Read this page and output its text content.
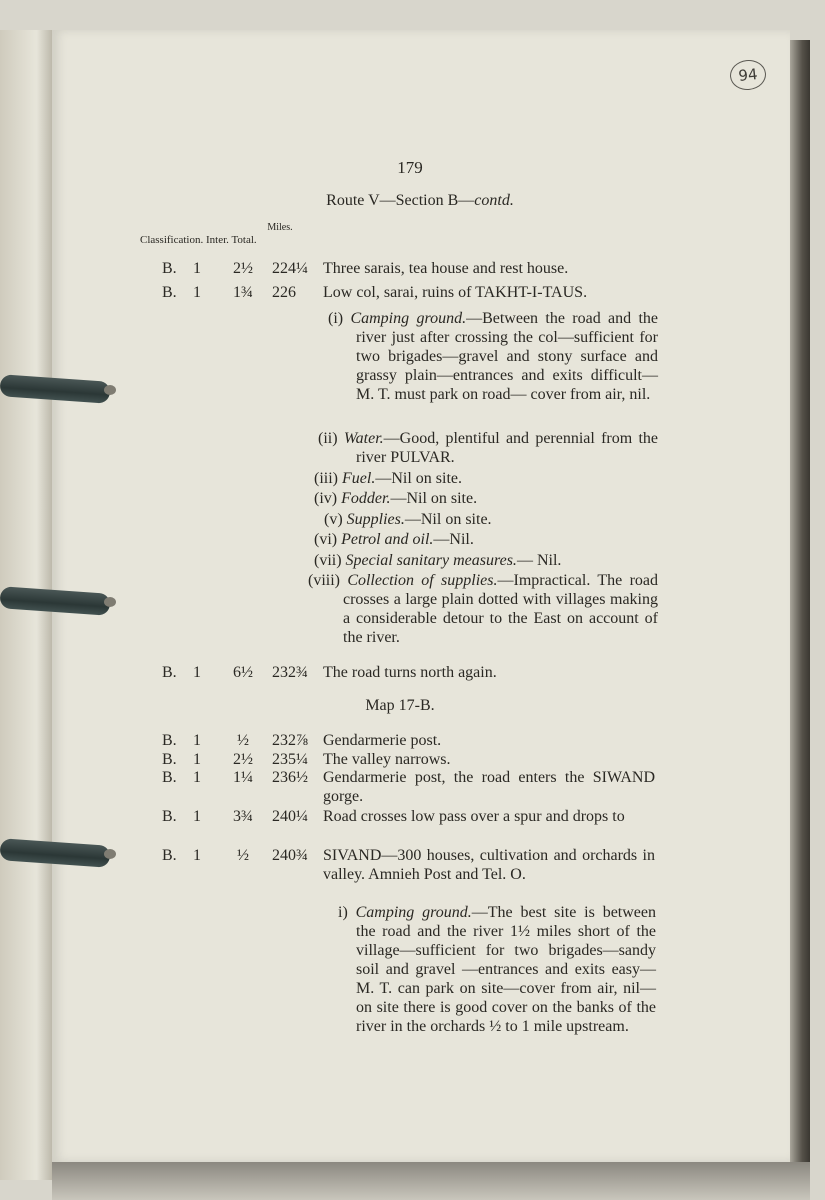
94
179
Route V—Section B—contd.
Miles.
Classification. Inter. Total.
B. 1 2½ 224¼ Three sarais, tea house and rest house.
B. 1 1¾ 226 Low col, sarai, ruins of TAKHT-I-TAUS.
(i) Camping ground.—Between the road and the river just after crossing the col—sufficient for two brigades—gravel and stony surface and grassy plain—entrances and exits difficult—M. T. must park on road— cover from air, nil.
(ii) Water.—Good, plentiful and perennial from the river PULVAR.
(iii) Fuel.—Nil on site.
(iv) Fodder.—Nil on site.
(v) Supplies.—Nil on site.
(vi) Petrol and oil.—Nil.
(vii) Special sanitary measures.— Nil.
(viii) Collection of supplies.—Impractical. The road crosses a large plain dotted with villages making a considerable detour to the East on account of the river.
B. 1 6½ 232¾ The road turns north again.
Map 17-B.
B. 1	½	232⅞ Gendarmerie post.
B. 1 2½ 235¼ The valley narrows.
B. 1 1¼ 236½ Gendarmerie post, the road enters the SIWAND gorge.
B. 1 3¾ 240¼ Road crosses low pass over a spur and drops to
B. 1	½	240¾ SIVAND—300 houses, cultivation and orchards in valley. Amnieh Post and Tel. O.
i) Camping ground.—The best site is between the road and the river 1½ miles short of the village—sufficient for two brigades—sandy soil and gravel —entrances and exits easy—M. T. can park on site—cover from air, nil—on site there is good cover on the banks of the river in the orchards ½ to 1 mile upstream.
